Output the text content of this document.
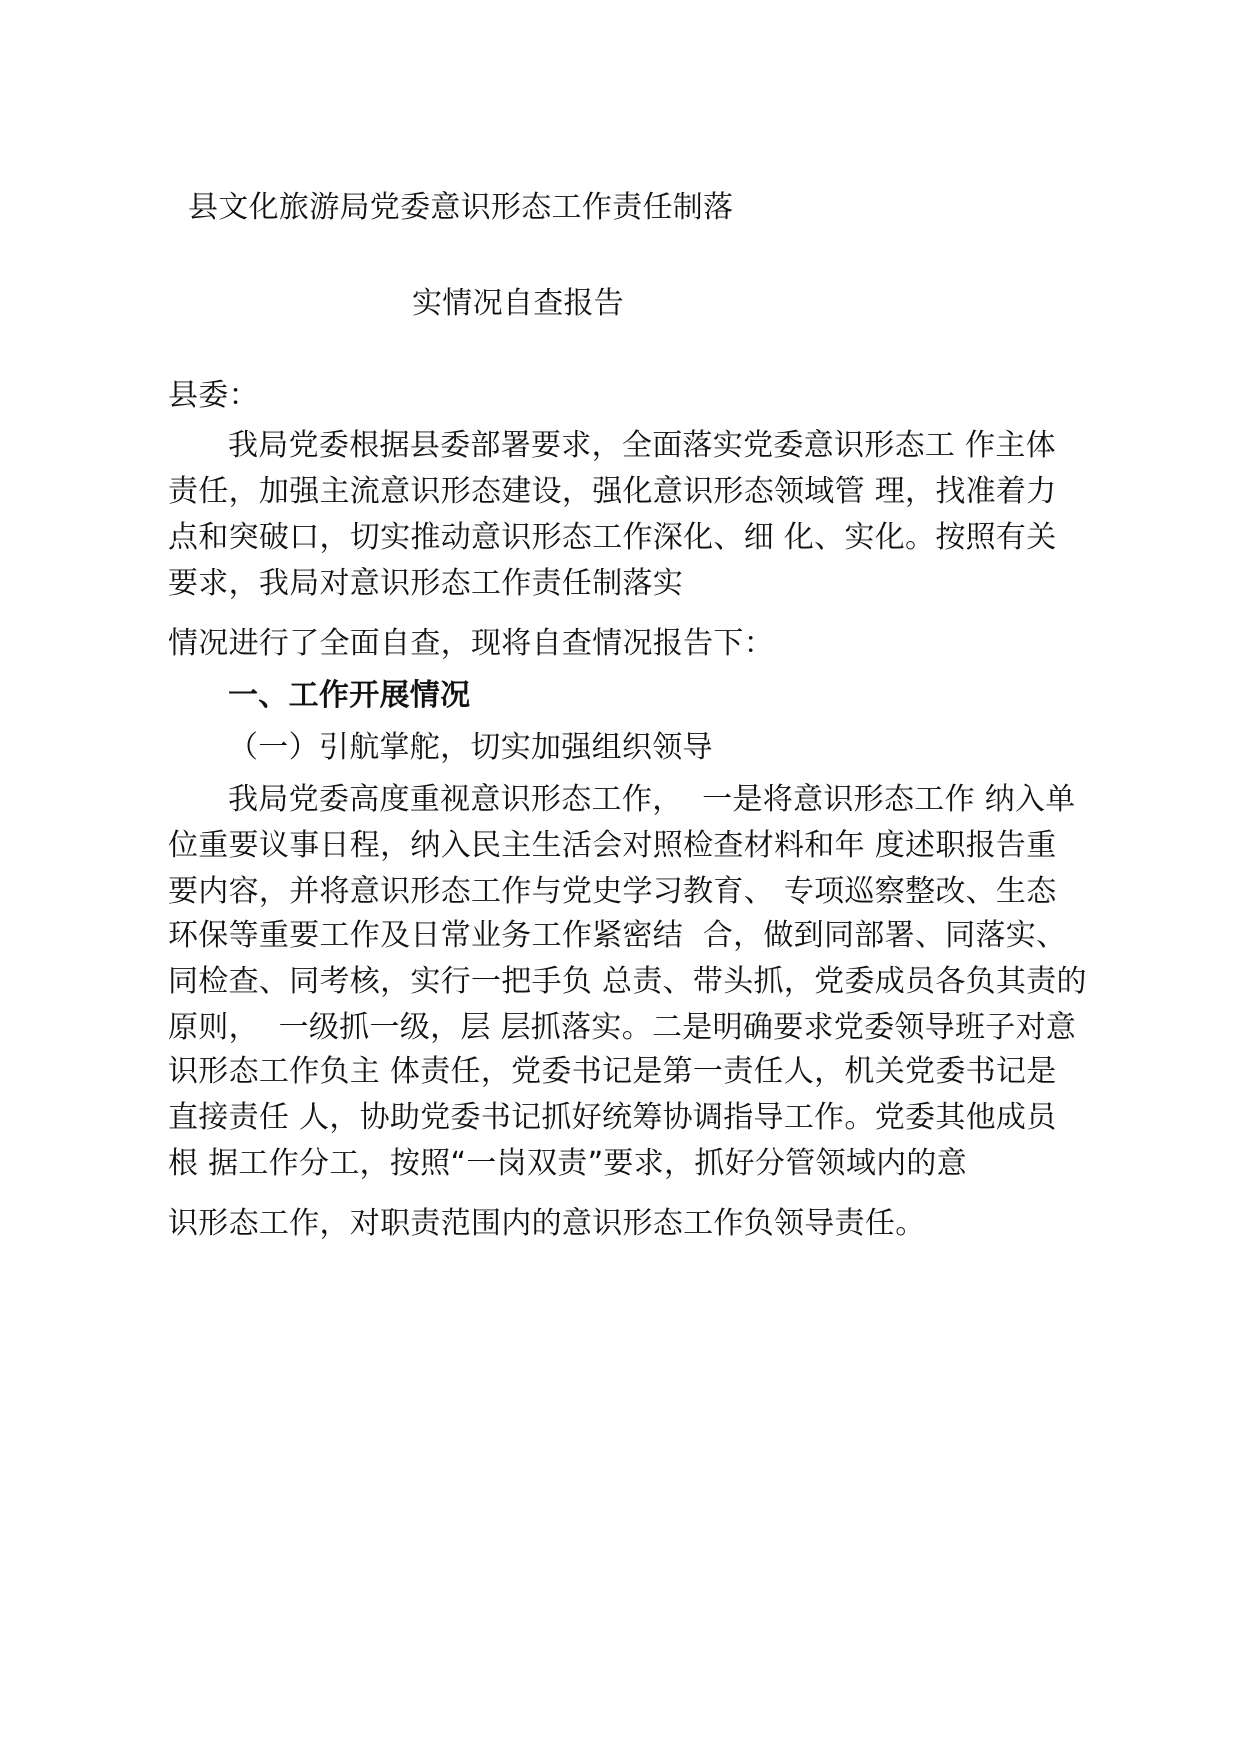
县文化旅游局党委意识形态工作责任制落
实情况自查报告
县委：
我局党委根据县委部署要求，全面落实党委意识形态工 作主体
责任，加强主流意识形态建设，强化意识形态领域管 理，找准着力
点和突破口，切实推动意识形态工作深化、细 化、实化。按照有关
要求，我局对意识形态工作责任制落实
情况进行了全面自查，现将自查情况报告下：
一、工作开展情况
（一）引航掌舵，切实加强组织领导
我局党委高度重视意识形态工作，  一是将意识形态工作 纳入单
位重要议事日程，纳入民主生活会对照检查材料和年 度述职报告重
要内容，并将意识形态工作与党史学习教育、 专项巡察整改、生态
环保等重要工作及日常业务工作紧密结  合，做到同部署、同落实、
同检查、同考核，实行一把手负 总责、带头抓，党委成员各负其责的
原则，  一级抓一级，层 层抓落实。二是明确要求党委领导班子对意
识形态工作负主 体责任，党委书记是第一责任人，机关党委书记是
直接责任 人，协助党委书记抓好统筹协调指导工作。党委其他成员
根 据工作分工，按照“一岗双责”要求，抓好分管领域内的意
识形态工作，对职责范围内的意识形态工作负领导责任。
